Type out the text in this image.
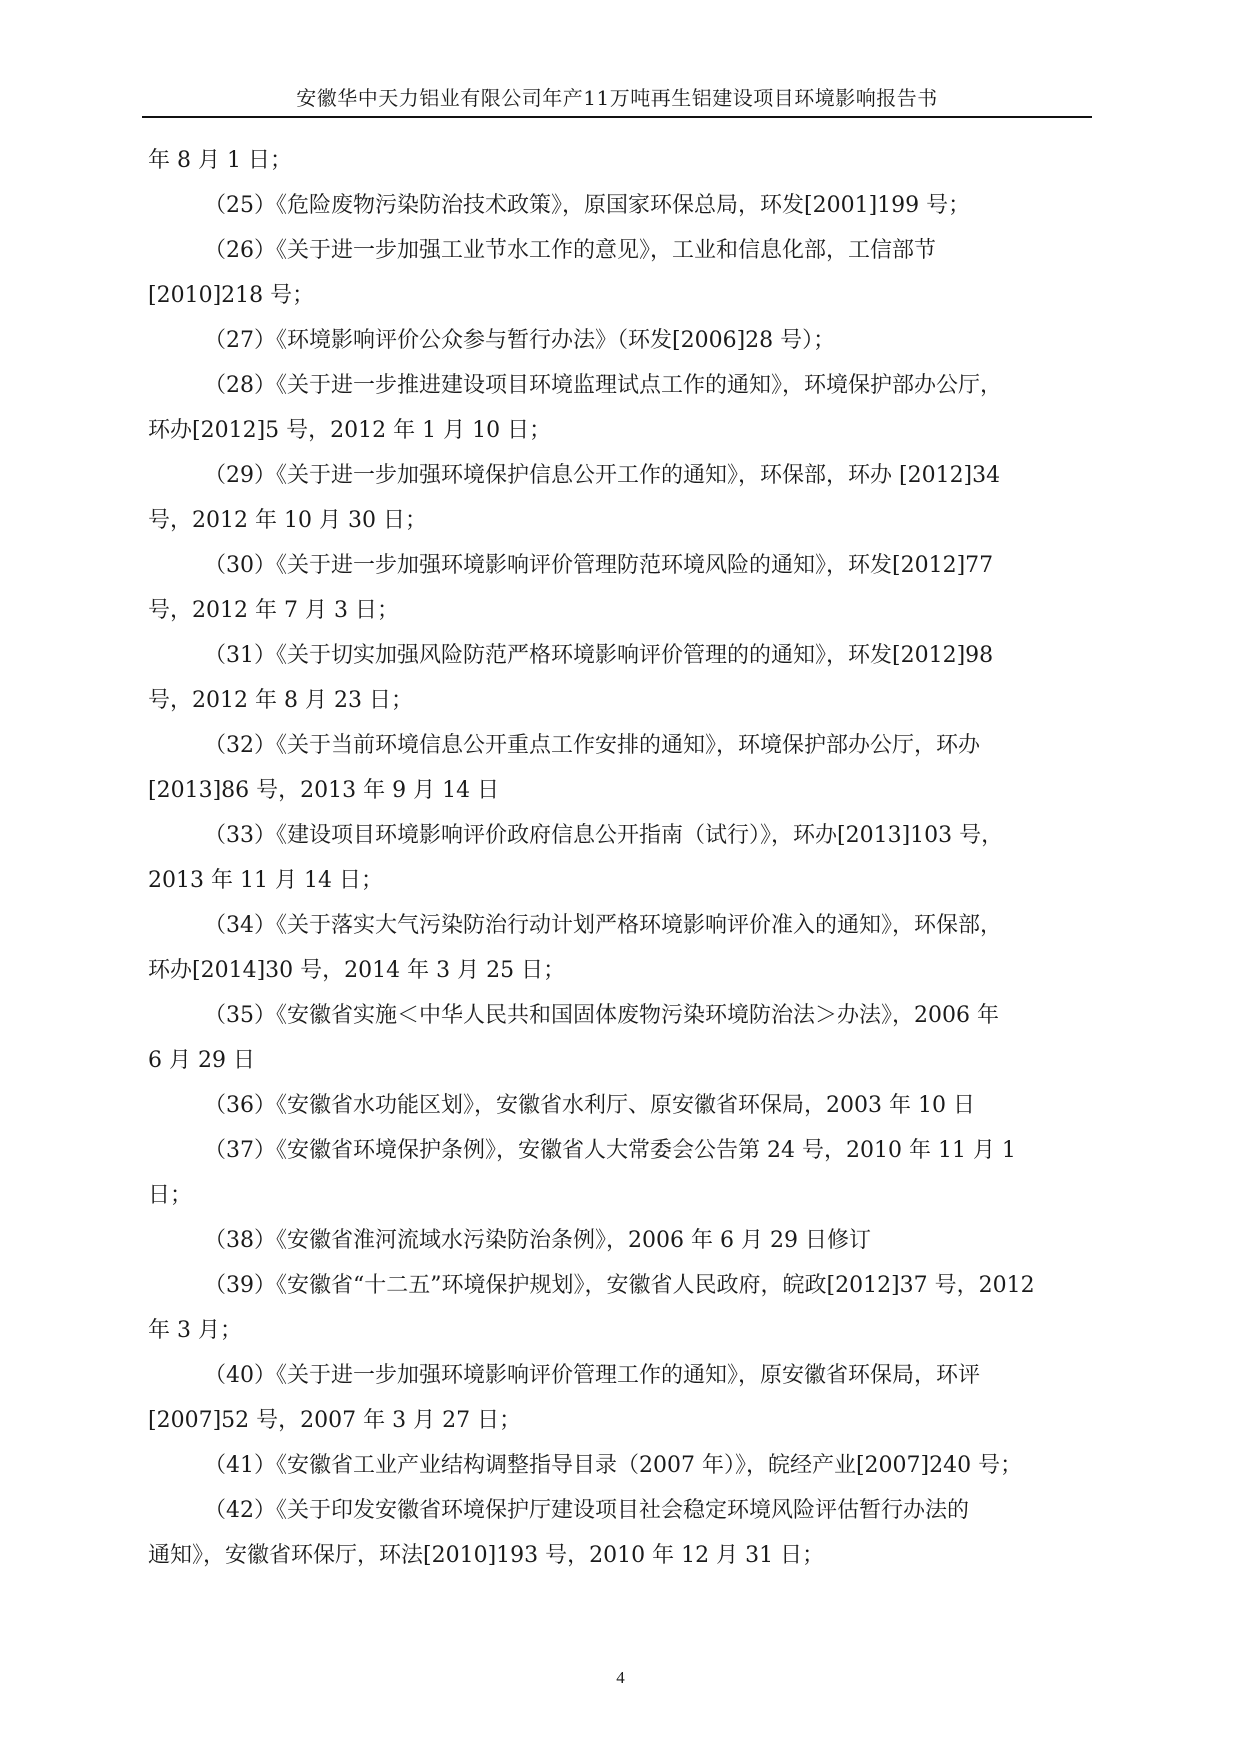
安徽华中天力铝业有限公司年产11万吨再生铝建设项目环境影响报告书
年 8 月 1 日；
（25）《危险废物污染防治技术政策》，原国家环保总局，环发[2001]199 号；
（26）《关于进一步加强工业节水工作的意见》，工业和信息化部，工信部节
[2010]218 号；
（27）《环境影响评价公众参与暂行办法》（环发[2006]28 号）；
（28）《关于进一步推进建设项目环境监理试点工作的通知》，环境保护部办公厅，
环办[2012]5 号，2012 年 1 月 10 日；
（29）《关于进一步加强环境保护信息公开工作的通知》，环保部，环办 [2012]34
号，2012 年 10 月 30 日；
（30）《关于进一步加强环境影响评价管理防范环境风险的通知》，环发[2012]77
号，2012 年 7 月 3 日；
（31）《关于切实加强风险防范严格环境影响评价管理的的通知》，环发[2012]98
号，2012 年 8 月 23 日；
（32）《关于当前环境信息公开重点工作安排的通知》，环境保护部办公厅，环办
[2013]86 号，2013 年 9 月 14 日
（33）《建设项目环境影响评价政府信息公开指南（试行）》，环办[2013]103 号，
2013 年 11 月 14 日；
（34）《关于落实大气污染防治行动计划严格环境影响评价准入的通知》，环保部，
环办[2014]30 号，2014 年 3 月 25 日；
（35）《安徽省实施＜中华人民共和国固体废物污染环境防治法＞办法》，2006 年
6 月 29 日
（36）《安徽省水功能区划》，安徽省水利厅、原安徽省环保局，2003 年 10 日
（37）《安徽省环境保护条例》，安徽省人大常委会公告第 24 号，2010 年 11 月 1
日；
（38）《安徽省淮河流域水污染防治条例》，2006 年 6 月 29 日修订
（39）《安徽省“十二五”环境保护规划》，安徽省人民政府，皖政[2012]37 号，2012
年 3 月；
（40）《关于进一步加强环境影响评价管理工作的通知》，原安徽省环保局，环评
[2007]52 号，2007 年 3 月 27 日；
（41）《安徽省工业产业结构调整指导目录（2007 年）》，皖经产业[2007]240 号；
（42）《关于印发安徽省环境保护厅建设项目社会稳定环境风险评估暂行办法的
通知》，安徽省环保厅，环法[2010]193 号，2010 年 12 月 31 日；
4
